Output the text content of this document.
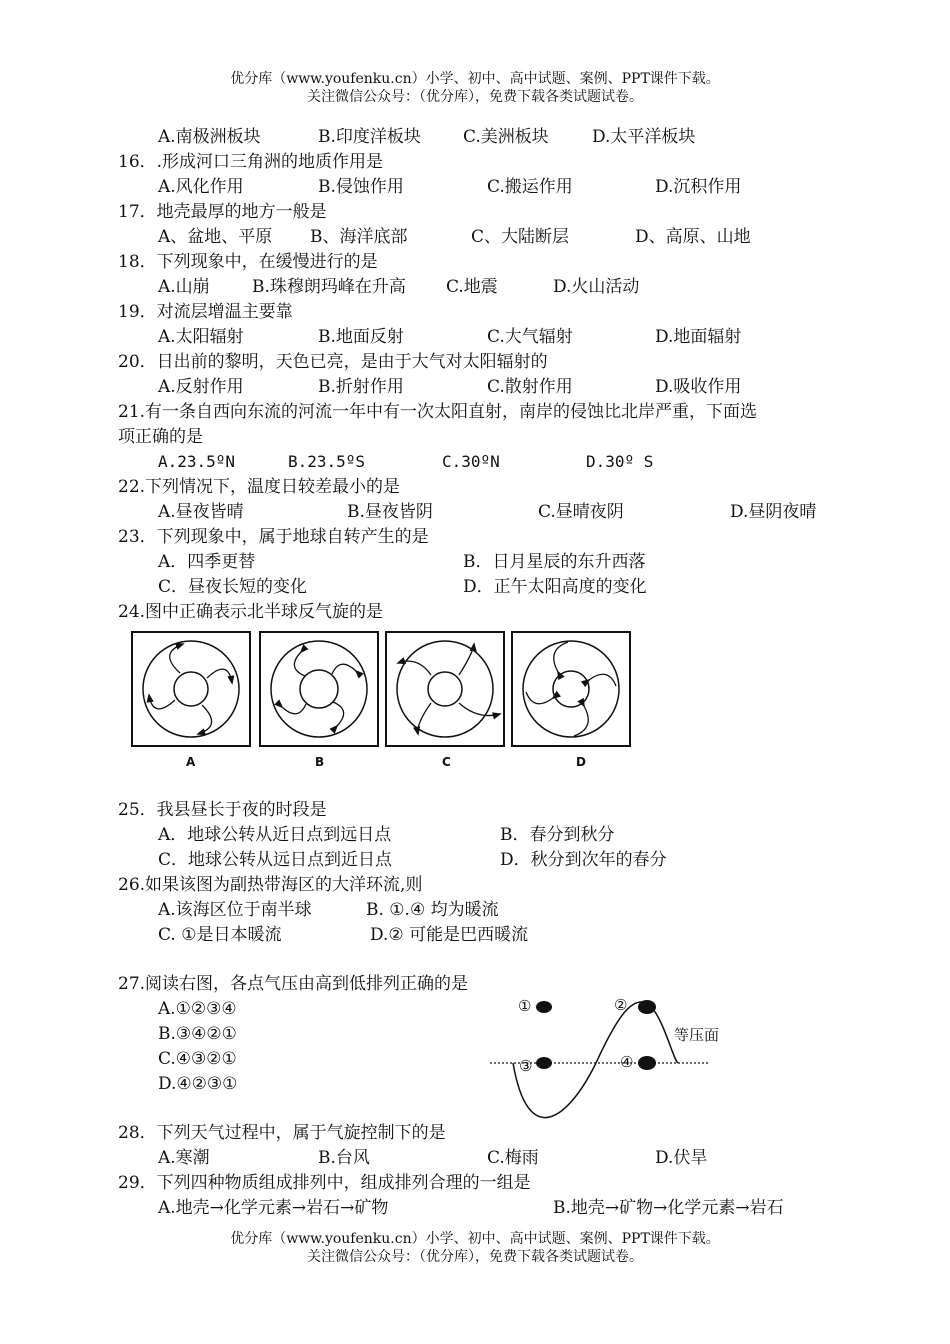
优分库（www.youfenku.cn）小学、初中、高中试题、案例、PPT课件下载。
关注微信公众号：（优分库），免费下载各类试题试卷。
A.南极洲板块	B.印度洋板块 C.美洲板块	D.太平洋板块
16．.形成河口三角洲的地质作用是
A.风化作用	B.侵蚀作用	C.搬运作用	D.沉积作用
17．地壳最厚的地方一般是
A、盆地、平原 B、海洋底部	C、大陆断层	D、高原、山地
18．下列现象中，在缓慢进行的是
A.山崩 B.珠穆朗玛峰在升高 C.地震	D.火山活动
19．对流层增温主要靠
A.太阳辐射	B.地面反射	C.大气辐射	D.地面辐射
20．日出前的黎明，天色已亮，是由于大气对太阳辐射的
A.反射作用	B.折射作用	C.散射作用	D.吸收作用
21.有一条自西向东流的河流一年中有一次太阳直射，南岸的侵蚀比北岸严重，下面选
项正确的是
A.23.5ºN	B.23.5ºS	C.30ºN	D.30º S
22.下列情况下，温度日较差最小的是
A.昼夜皆晴	B.昼夜皆阴	C.昼晴夜阴	D.昼阴夜晴
23．下列现象中，属于地球自转产生的是
A．四季更替	B．日月星辰的东升西落
C．昼夜长短的变化	D．正午太阳高度的变化
24.图中正确表示北半球反气旋的是
A	B	C	D
25．我县昼长于夜的时段是
A．地球公转从近日点到远日点	B．春分到秋分
C．地球公转从远日点到近日点	D．秋分到次年的春分
26.如果该图为副热带海区的大洋环流,则
A.该海区位于南半球	B. ①.④ 均为暖流
C. ①是日本暖流	D.② 可能是巴西暖流
27.阅读右图，各点气压由高到低排列正确的是
A.①②③④
B.③④②①
C.④③②①
D.④②③①
①	②
③	④
等压面
28．下列天气过程中，属于气旋控制下的是
A.寒潮	B.台风	C.梅雨	D.伏旱
29．下列四种物质组成排列中，组成排列合理的一组是
A.地壳→化学元素→岩石→矿物	B.地壳→矿物→化学元素→岩石
优分库（www.youfenku.cn）小学、初中、高中试题、案例、PPT课件下载。
关注微信公众号：（优分库），免费下载各类试题试卷。
